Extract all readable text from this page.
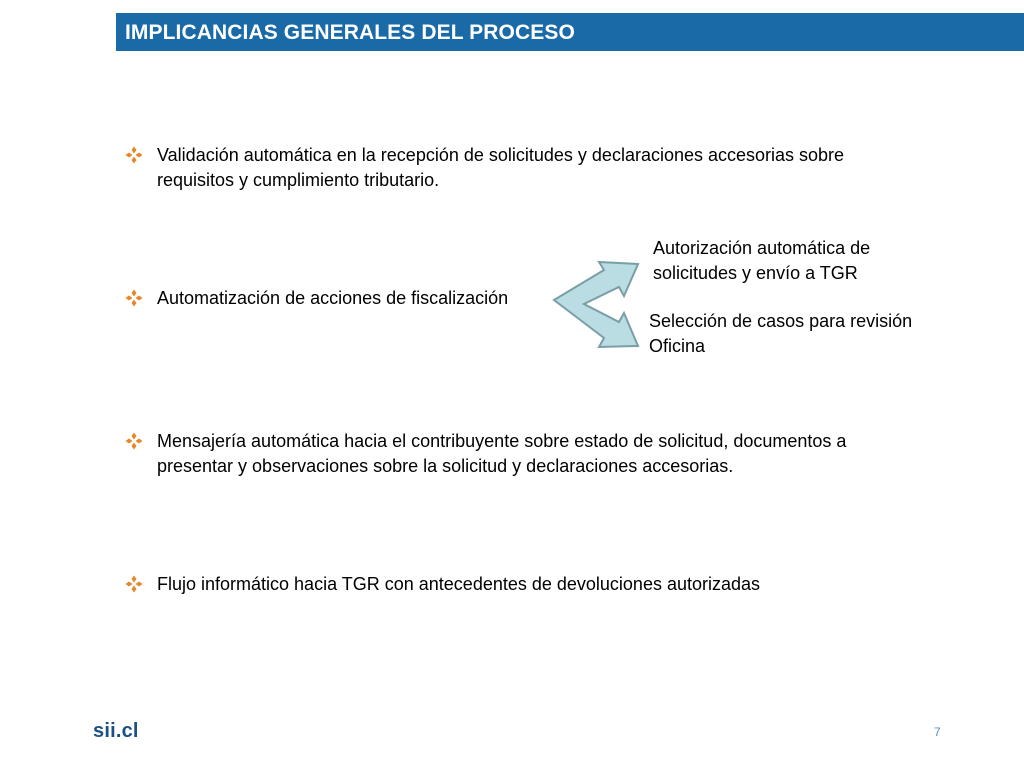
IMPLICANCIAS GENERALES DEL PROCESO
Validación automática en la recepción de solicitudes y declaraciones accesorias sobre
requisitos y cumplimiento tributario.
Automatización de acciones de fiscalización
Autorización automática de
solicitudes y envío a TGR
Selección de casos para revisión
Oficina
Mensajería automática hacia el contribuyente sobre estado de solicitud, documentos a
presentar y observaciones sobre la solicitud y declaraciones accesorias.
Flujo informático hacia TGR con antecedentes de devoluciones autorizadas
sii.cl	7
